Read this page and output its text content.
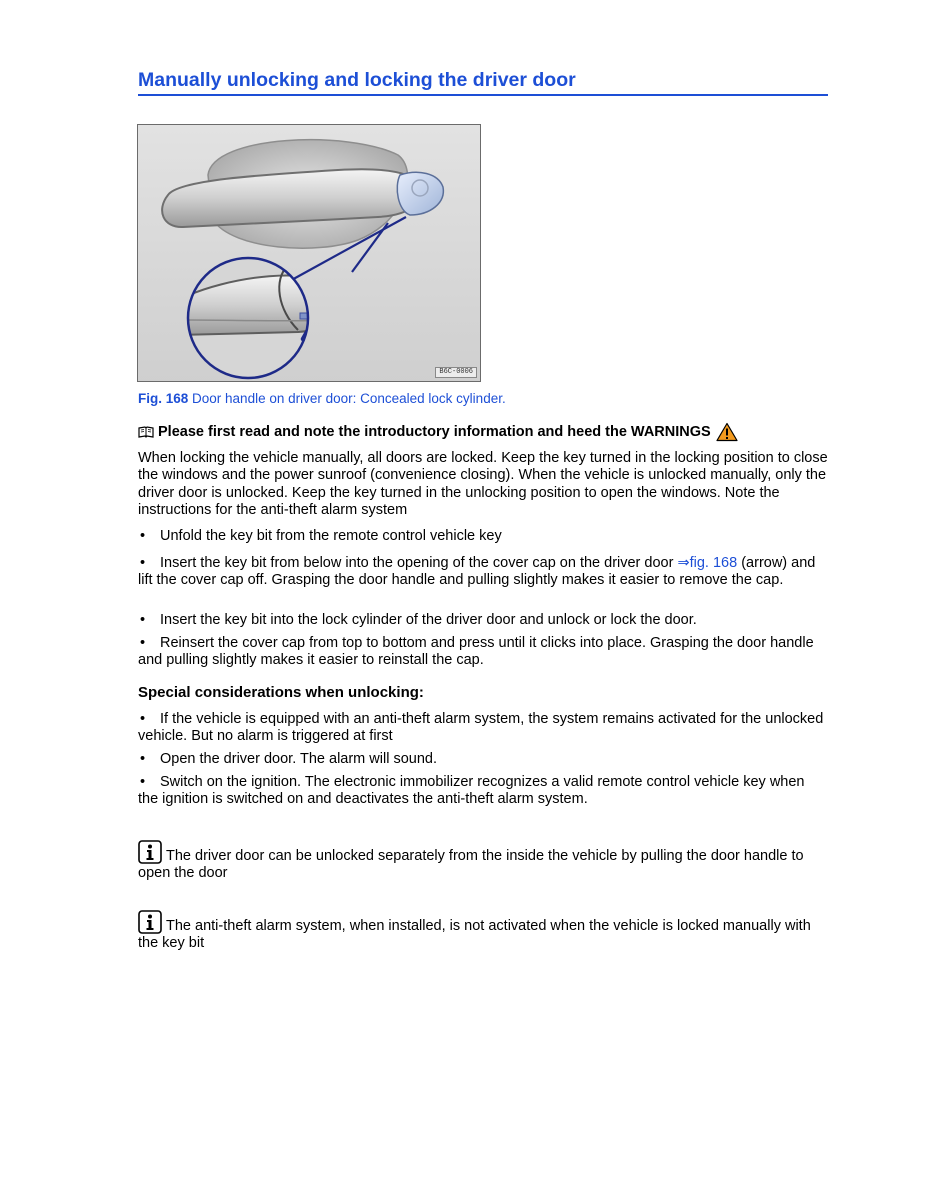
Manually unlocking and locking the driver door
B6C-0006
Fig. 168 Door handle on driver door: Concealed lock cylinder.
Please first read and note the introductory information and heed the WARNINGS

When locking the vehicle manually, all doors are locked. Keep the key turned in the locking position to close the windows and the power sunroof (convenience closing). When the vehicle is unlocked manually, only the driver door is unlocked. Keep the key turned in the unlocking position to open the windows. Note the instructions for the anti-theft alarm system

• Unfold the key bit from the remote control vehicle key

• Insert the key bit from below into the opening of the cover cap on the driver door ⇒fig. 168 (arrow) and lift the cover cap off. Grasping the door handle and pulling slightly makes it easier to remove the cap.

• Insert the key bit into the lock cylinder of the driver door and unlock or lock the door.

• Reinsert the cover cap from top to bottom and press until it clicks into place. Grasping the door handle and pulling slightly makes it easier to reinstall the cap.

Special considerations when unlocking:

• If the vehicle is equipped with an anti-theft alarm system, the system remains activated for the unlocked vehicle. But no alarm is triggered at first

• Open the driver door. The alarm will sound.

• Switch on the ignition. The electronic immobilizer recognizes a valid remote control vehicle key when the ignition is switched on and deactivates the anti-theft alarm system.

The driver door can be unlocked separately from the inside the vehicle by pulling the door handle to open the door

The anti-theft alarm system, when installed, is not activated when the vehicle is locked manually with the key bit
